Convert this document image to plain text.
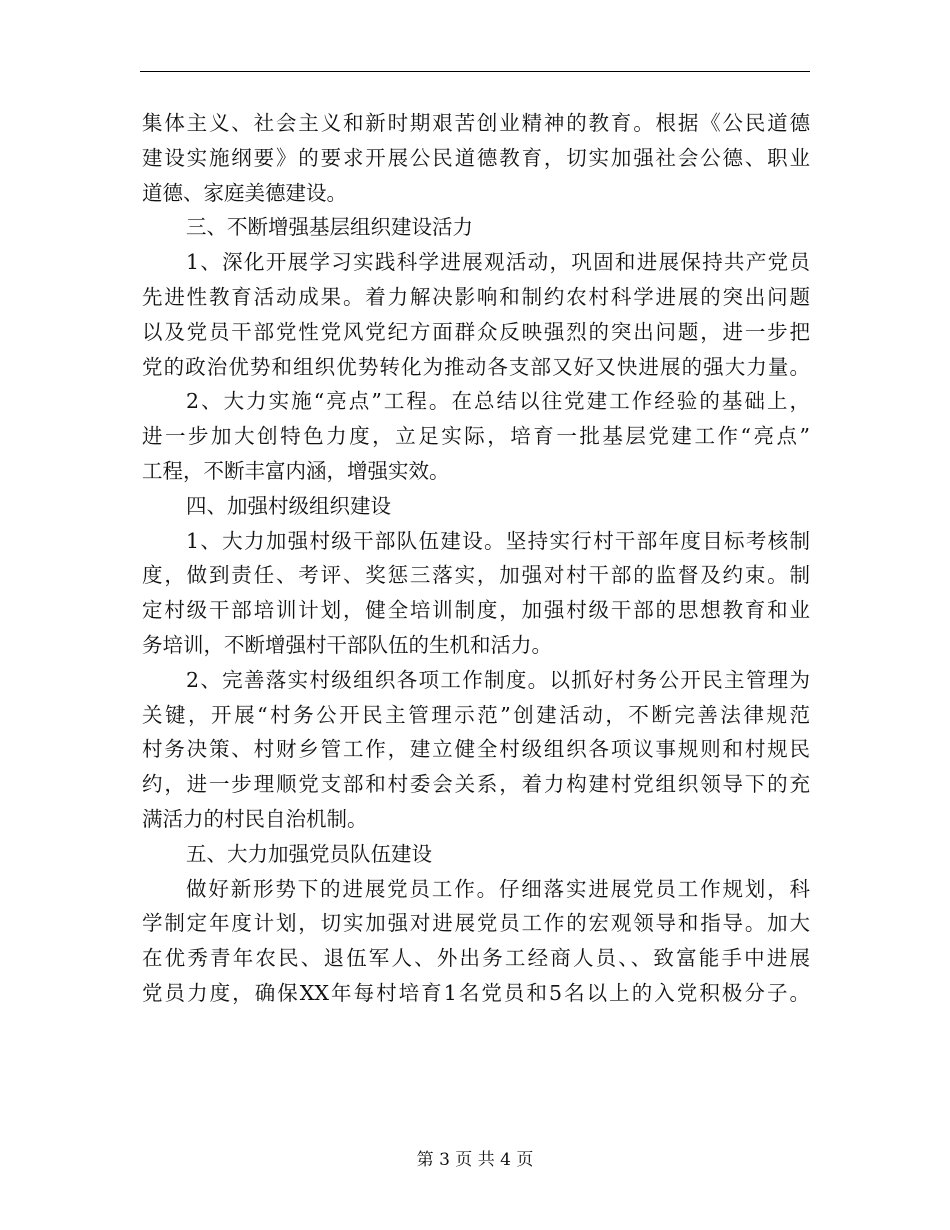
集体主义、社会主义和新时期艰苦创业精神的教育。根据《公民道德
建设实施纲要》的要求开展公民道德教育，切实加强社会公德、职业
道德、家庭美德建设。
三、不断增强基层组织建设活力
1、深化开展学习实践科学进展观活动，巩固和进展保持共产党员
先进性教育活动成果。着力解决影响和制约农村科学进展的突出问题
以及党员干部党性党风党纪方面群众反映强烈的突出问题，进一步把
党的政治优势和组织优势转化为推动各支部又好又快进展的强大力量。
2、大力实施“亮点”工程。在总结以往党建工作经验的基础上，
进一步加大创特色力度，立足实际，培育一批基层党建工作“亮点”
工程，不断丰富内涵，增强实效。
四、加强村级组织建设
1、大力加强村级干部队伍建设。坚持实行村干部年度目标考核制
度，做到责任、考评、奖惩三落实，加强对村干部的监督及约束。制
定村级干部培训计划，健全培训制度，加强村级干部的思想教育和业
务培训，不断增强村干部队伍的生机和活力。
2、完善落实村级组织各项工作制度。以抓好村务公开民主管理为
关键，开展“村务公开民主管理示范”创建活动，不断完善法律规范
村务决策、村财乡管工作，建立健全村级组织各项议事规则和村规民
约，进一步理顺党支部和村委会关系，着力构建村党组织领导下的充
满活力的村民自治机制。
五、大力加强党员队伍建设
做好新形势下的进展党员工作。仔细落实进展党员工作规划，科
学制定年度计划，切实加强对进展党员工作的宏观领导和指导。加大
在优秀青年农民、退伍军人、外出务工经商人员、、致富能手中进展
党员力度，确保XX年每村培育1名党员和5名以上的入党积极分子。
第 3 页 共 4 页
